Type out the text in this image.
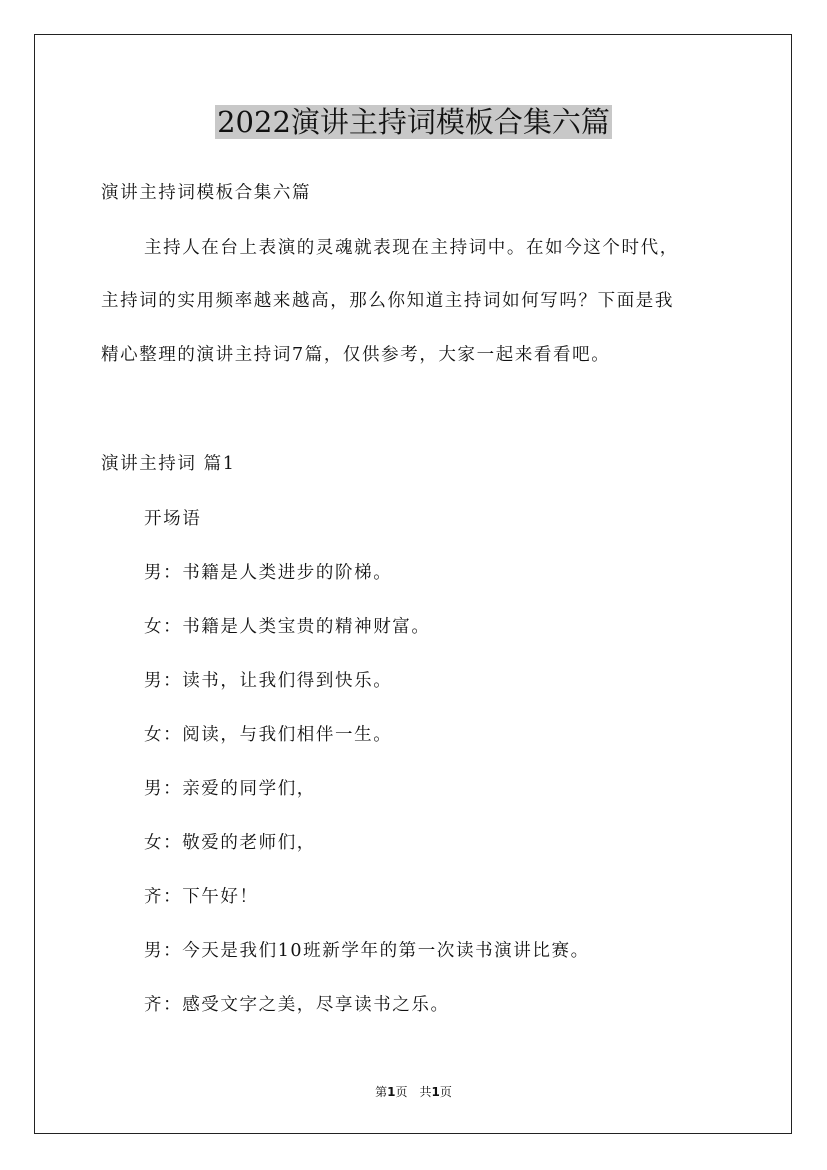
2022演讲主持词模板合集六篇
演讲主持词模板合集六篇
主持人在台上表演的灵魂就表现在主持词中。在如今这个时代，
主持词的实用频率越来越高，那么你知道主持词如何写吗？下面是我
精心整理的演讲主持词7篇，仅供参考，大家一起来看看吧。
演讲主持词 篇1
开场语
男：书籍是人类进步的阶梯。
女：书籍是人类宝贵的精神财富。
男：读书，让我们得到快乐。
女：阅读，与我们相伴一生。
男：亲爱的同学们，
女：敬爱的老师们，
齐：下午好！
男：今天是我们10班新学年的第一次读书演讲比赛。
齐：感受文字之美，尽享读书之乐。
第1页　共1页
